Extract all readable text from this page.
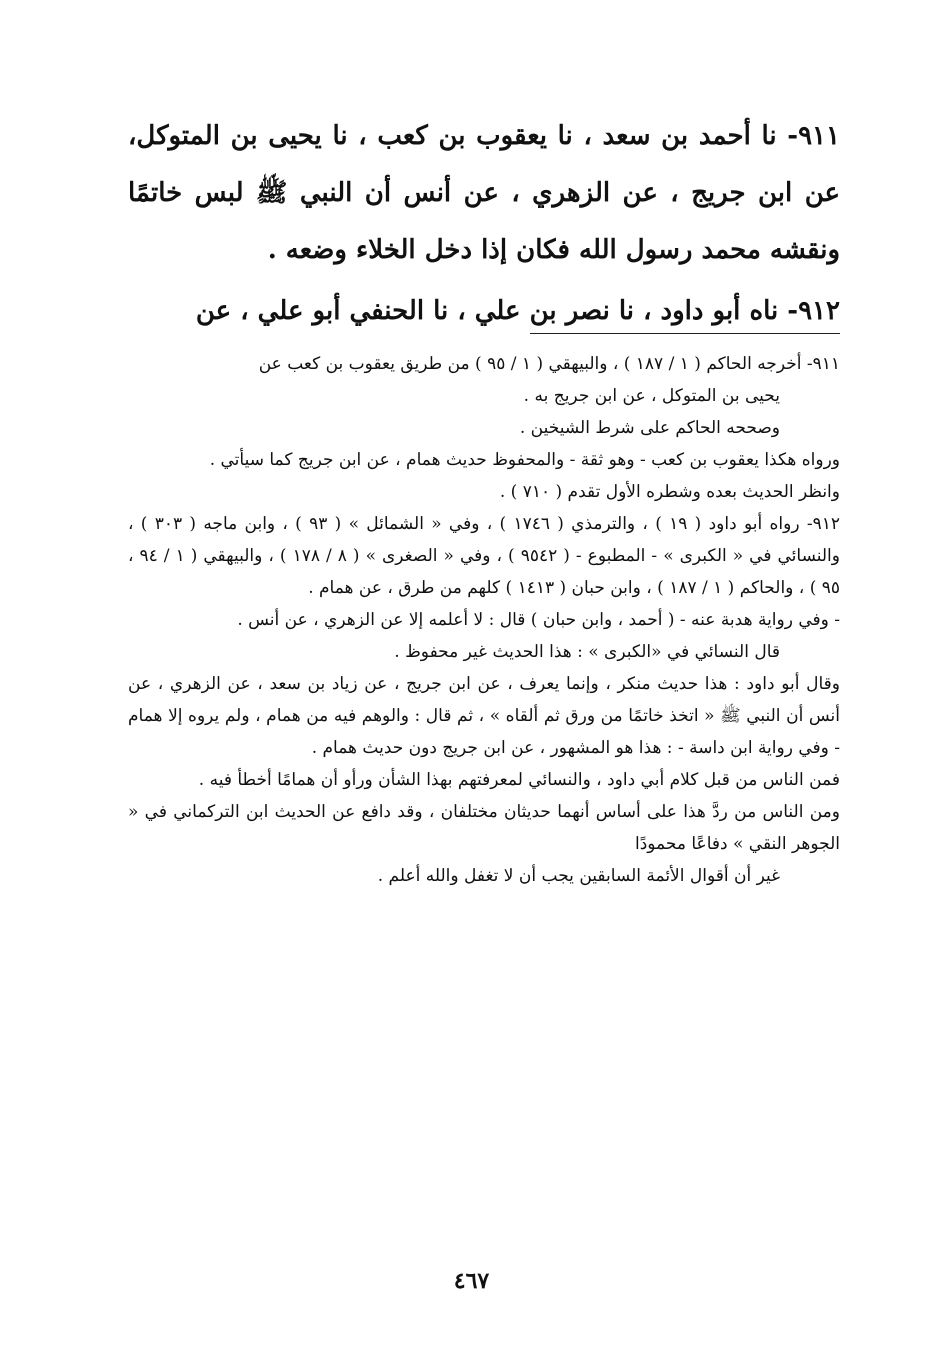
٩١١- نا أحمد بن سعد ، نا يعقوب بن كعب ، نا يحيى بن المتوكل، عن ابن جريج ، عن الزهري ، عن أنس أن النبي ﷺ لبس خاتمًا ونقشه محمد رسول الله فكان إذا دخل الخلاء وضعه .

٩١٢- ناه أبو داود ، نا نصر بن علي ، نا الحنفي أبو علي ، عن

٩١١- أخرجه الحاكم ( ١ / ١٨٧ ) ، والبيهقي ( ١ / ٩٥ ) من طريق يعقوب بن كعب عن

يحيى بن المتوكل ، عن ابن جريج به .

وصححه الحاكم على شرط الشيخين .

ورواه هكذا يعقوب بن كعب - وهو ثقة - والمحفوظ حديث همام ، عن ابن جريج كما سيأتي .

وانظر الحديث بعده وشطره الأول تقدم ( ٧١٠ ) .

٩١٢- رواه أبو داود ( ١٩ ) ، والترمذي ( ١٧٤٦ ) ، وفي « الشمائل » ( ٩٣ ) ، وابن ماجه ( ٣٠٣ ) ، والنسائي في « الكبرى » - المطبوع - ( ٩٥٤٢ ) ، وفي « الصغرى » ( ٨ / ١٧٨ ) ، والبيهقي ( ١ / ٩٤ ، ٩٥ ) ، والحاكم ( ١ / ١٨٧ ) ، وابن حبان ( ١٤١٣ ) كلهم من طرق ، عن همام .

- وفي رواية هدبة عنه - ( أحمد ، وابن حبان ) قال : لا أعلمه إلا عن الزهري ، عن أنس .

قال النسائي في «الكبرى » : هذا الحديث غير محفوظ .

وقال أبو داود : هذا حديث منكر ، وإنما يعرف ، عن ابن جريج ، عن زياد بن سعد ، عن الزهري ، عن أنس أن النبي ﷺ « اتخذ خاتمًا من ورق ثم ألقاه » ، ثم قال : والوهم فيه من همام ، ولم يروه إلا همام - وفي رواية ابن داسة - : هذا هو المشهور ، عن ابن جريج دون حديث همام .

فمن الناس من قبل كلام أبي داود ، والنسائي لمعرفتهم بهذا الشأن ورأو أن همامًا أخطأ فيه .

ومن الناس من ردَّ هذا على أساس أنهما حديثان مختلفان ، وقد دافع عن الحديث ابن التركماني في « الجوهر النقي » دفاعًا محمودًا

غير أن أقوال الأئمة السابقين يجب أن لا تغفل والله أعلم .

٤٦٧
